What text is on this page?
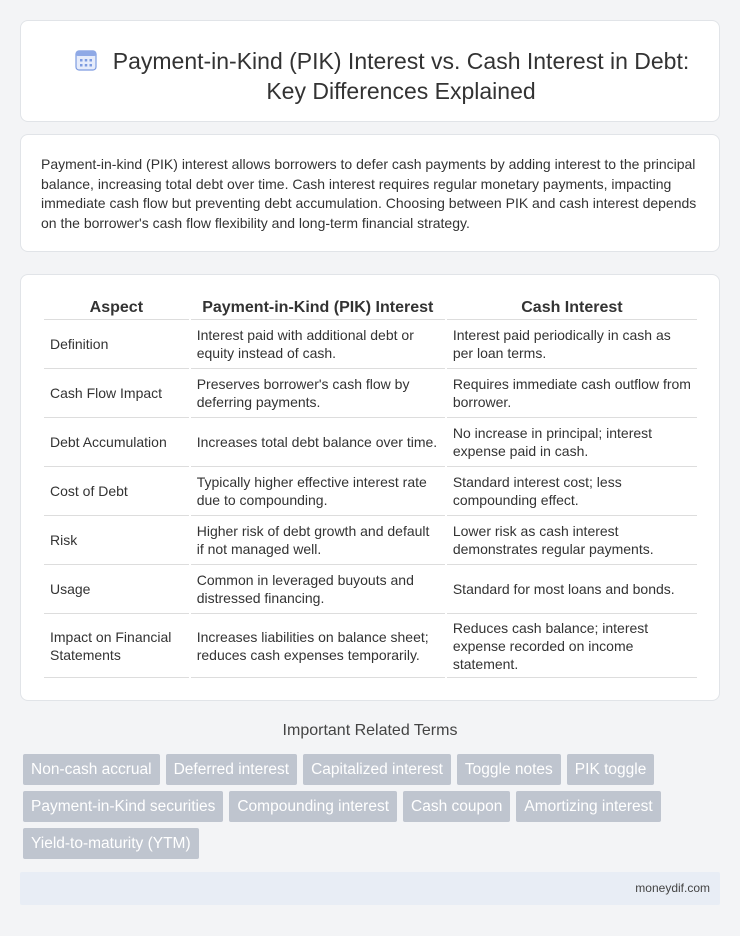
Payment-in-Kind (PIK) Interest vs. Cash Interest in Debt:
Key Differences Explained

Payment-in-kind (PIK) interest allows borrowers to defer cash payments by adding interest to the principal balance, increasing total debt over time. Cash interest requires regular monetary payments, impacting immediate cash flow but preventing debt accumulation. Choosing between PIK and cash interest depends on the borrower's cash flow flexibility and long-term financial strategy.

Aspect	Payment-in-Kind (PIK) Interest	Cash Interest
Definition	Interest paid with additional debt or equity instead of cash.	Interest paid periodically in cash as per loan terms.
Cash Flow Impact	Preserves borrower's cash flow by deferring payments.	Requires immediate cash outflow from borrower.
Debt Accumulation	Increases total debt balance over time.	No increase in principal; interest expense paid in cash.
Cost of Debt	Typically higher effective interest rate due to compounding.	Standard interest cost; less compounding effect.
Risk	Higher risk of debt growth and default if not managed well.	Lower risk as cash interest demonstrates regular payments.
Usage	Common in leveraged buyouts and distressed financing.	Standard for most loans and bonds.
Impact on Financial Statements	Increases liabilities on balance sheet; reduces cash expenses temporarily.	Reduces cash balance; interest expense recorded on income statement.
Important Related Terms
Non-cash accrual	Deferred interest	Capitalized interest	Toggle notes	PIK toggle
Payment-in-Kind securities	Compounding interest	Cash coupon	Amortizing interest
Yield-to-maturity (YTM)
moneydif.com
